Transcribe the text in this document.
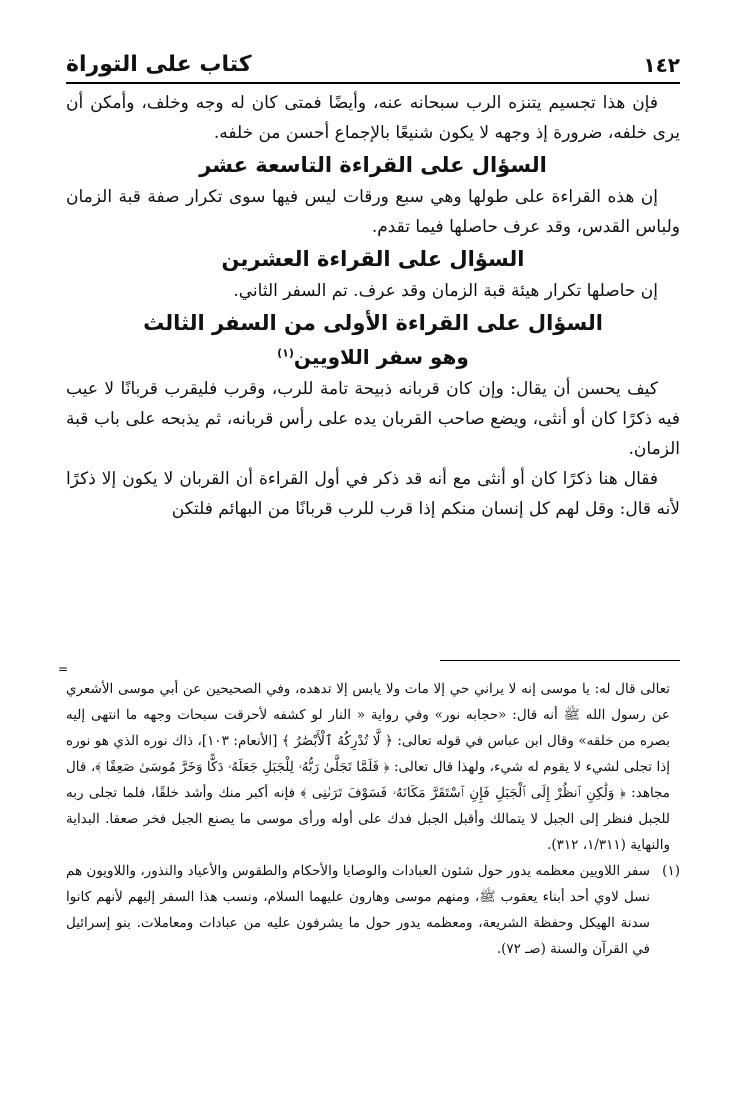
١٤٢
كتاب على التوراة

فإن هذا تجسيم يتنزه الرب سبحانه عنه، وأيضًا فمتى كان له وجه وخلف، وأمكن أن يرى خلفه، ضرورة إذ وجهه لا يكون شنيعًا بالإجماع أحسن من خلفه.

السؤال على القراءة التاسعة عشر

إن هذه القراءة على طولها وهي سبع ورقات ليس فيها سوى تكرار صفة قبة الزمان ولباس القدس، وقد عرف حاصلها فيما تقدم.

السؤال على القراءة العشرين

إن حاصلها تكرار هيئة قبة الزمان وقد عرف. تم السفر الثاني.

السؤال على القراءة الأولى من السفر الثالث
وهو سفر اللاويين$^{(١)}$

كيف يحسن أن يقال: وإن كان قربانه ذبيحة تامة للرب، وقرب فليقرب قربانًا لا عيب فيه ذكرًا كان أو أنثى، ويضع صاحب القربان يده على رأس قربانه، ثم يذبحه على باب قبة الزمان.

فقال هنا ذكرًا كان أو أنثى مع أنه قد ذكر في أول القراءة أن القربان لا يكون إلا ذكرًا لأنه قال: وقل لهم كل إنسان منكم إذا قرب للرب قربانًا من البهائم فلتكن

=

تعالى قال له: يا موسى إنه لا يراني حي إلا مات ولا يابس إلا تدهده، وفي الصحيحين عن أبي موسى الأشعري عن رسول الله ﷺ أنه قال: «حجابه نور» وفي رواية « النار لو كشفه لأحرقت سبحات وجهه ما انتهى إليه بصره من خلقه» وقال ابن عباس في قوله تعالى: ﴿ لَّا تُدْرِكُهُ ٱلْأَبْصَٰرُ ﴾ [الأنعام: ١٠٣]، ذاك نوره الذي هو نوره إذا تجلى لشيء لا يقوم له شيء، ولهذا قال تعالى: ﴿ فَلَمَّا تَجَلَّىٰ رَبُّهُۥ لِلْجَبَلِ جَعَلَهُۥ دَكًّا وَخَرَّ مُوسَىٰ صَعِقًا ﴾، قال مجاهد: ﴿ وَلَٰكِنِ ٱنظُرْ إِلَى ٱلْجَبَلِ فَإِنِ ٱسْتَقَرَّ مَكَانَهُۥ فَسَوْفَ تَرَىٰنِى ﴾ فإنه أكبر منك وأشد خلقًا، فلما تجلى ربه للجبل فنظر إلى الجبل لا يتمالك وأقبل الجبل فدك على أوله ورأى موسى ما يصنع الجبل فخر صعقا. البداية والنهاية (١/٣١١، ٣١٢).

(١)

سفر اللاويين معظمه يدور حول شئون العبادات والوصايا والأحكام والطقوس والأعياد والنذور، واللاويون هم نسل لاوي أحد أبناء يعقوب ﷺ، ومنهم موسى وهارون عليهما السلام، ونسب هذا السفر إليهم لأنهم كانوا سدنة الهيكل وحفظة الشريعة، ومعظمه يدور حول ما يشرفون عليه من عبادات ومعاملات. بنو إسرائيل في القرآن والسنة (صـ ٧٢).
